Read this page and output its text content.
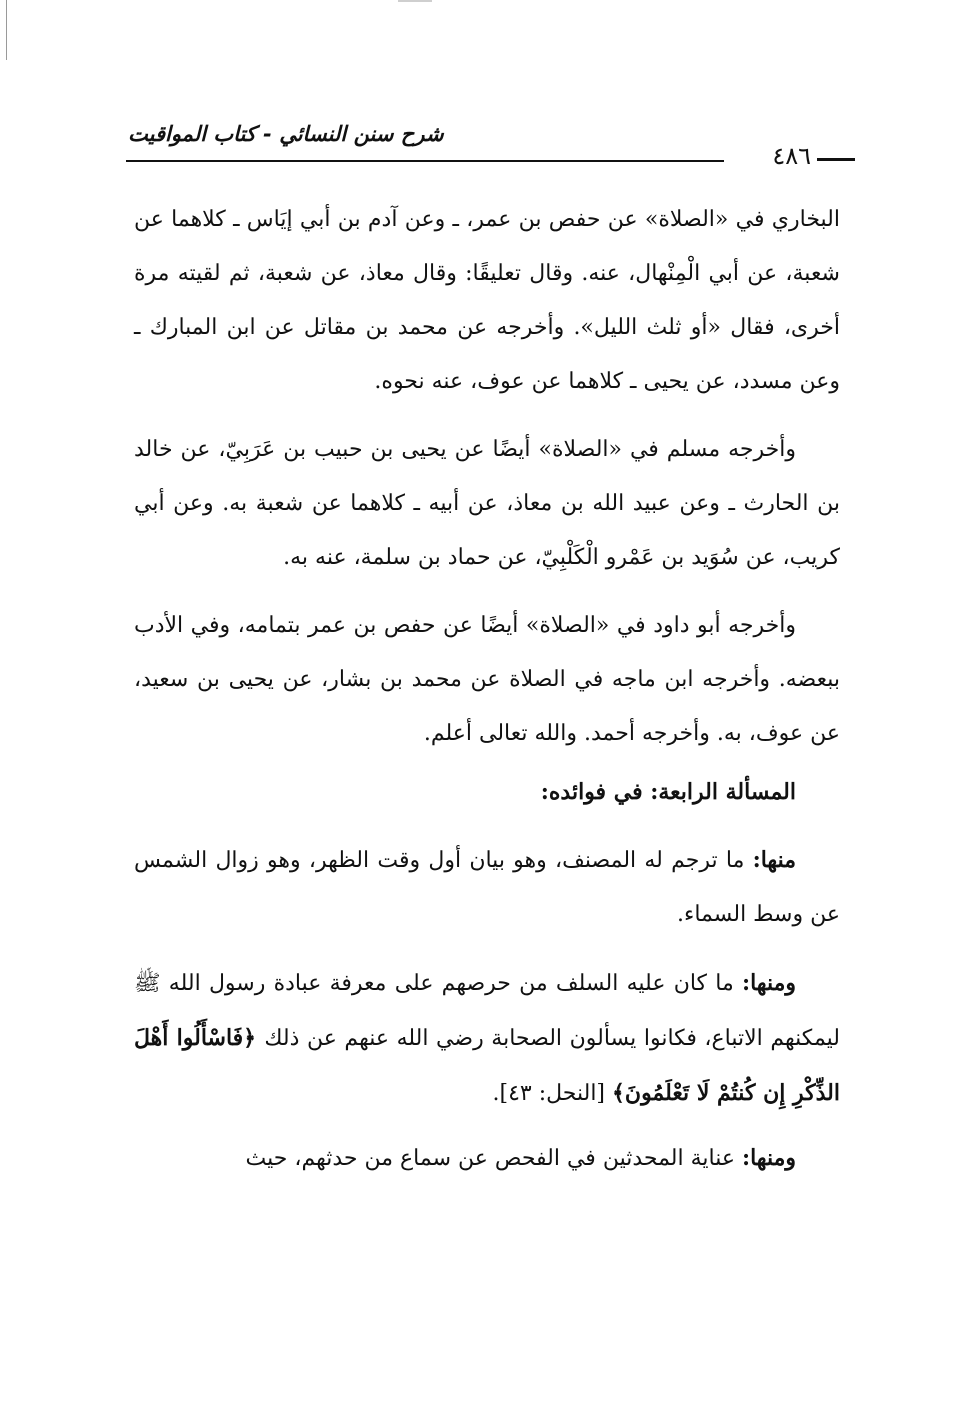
شرح سنن النسائي - كتاب المواقيت
٤٨٦

البخاري في «الصلاة» عن حفص بن عمر، ـ وعن آدم بن أبي إيَاس ـ كلاهما عن شعبة، عن أبي الْمِنْهال، عنه. وقال تعليقًا: وقال معاذ، عن شعبة، ثم لقيته مرة أخرى، فقال «أو ثلث الليل». وأخرجه عن محمد بن مقاتل عن ابن المبارك ـ وعن مسدد، عن يحيى ـ كلاهما عن عوف، عنه نحوه.

وأخرجه مسلم في «الصلاة» أيضًا عن يحيى بن حبيب بن عَرَبِيّ، عن خالد بن الحارث ـ وعن عبيد الله بن معاذ، عن أبيه ـ كلاهما عن شعبة به. وعن أبي كريب، عن سُوَيد بن عَمْرو الْكَلْبِيّ، عن حماد بن سلمة، عنه به.

وأخرجه أبو داود في «الصلاة» أيضًا عن حفص بن عمر بتمامه، وفي الأدب ببعضه. وأخرجه ابن ماجه في الصلاة عن محمد بن بشار، عن يحيى بن سعيد، عن عوف، به. وأخرجه أحمد. والله تعالى أعلم.

المسألة الرابعة: في فوائده:

منها: ما ترجم له المصنف، وهو بيان أول وقت الظهر، وهو زوال الشمس عن وسط السماء.

ومنها: ما كان عليه السلف من حرصهم على معرفة عبادة رسول الله ﷺ ليمكنهم الاتباع، فكانوا يسألون الصحابة رضي الله عنهم عن ذلك ﴿فَاسْأَلُوا أَهْلَ الذِّكْرِ إِن كُنتُمْ لَا تَعْلَمُونَ﴾ [النحل: ٤٣].

ومنها: عناية المحدثين في الفحص عن سماع من حدثهم، حيث
